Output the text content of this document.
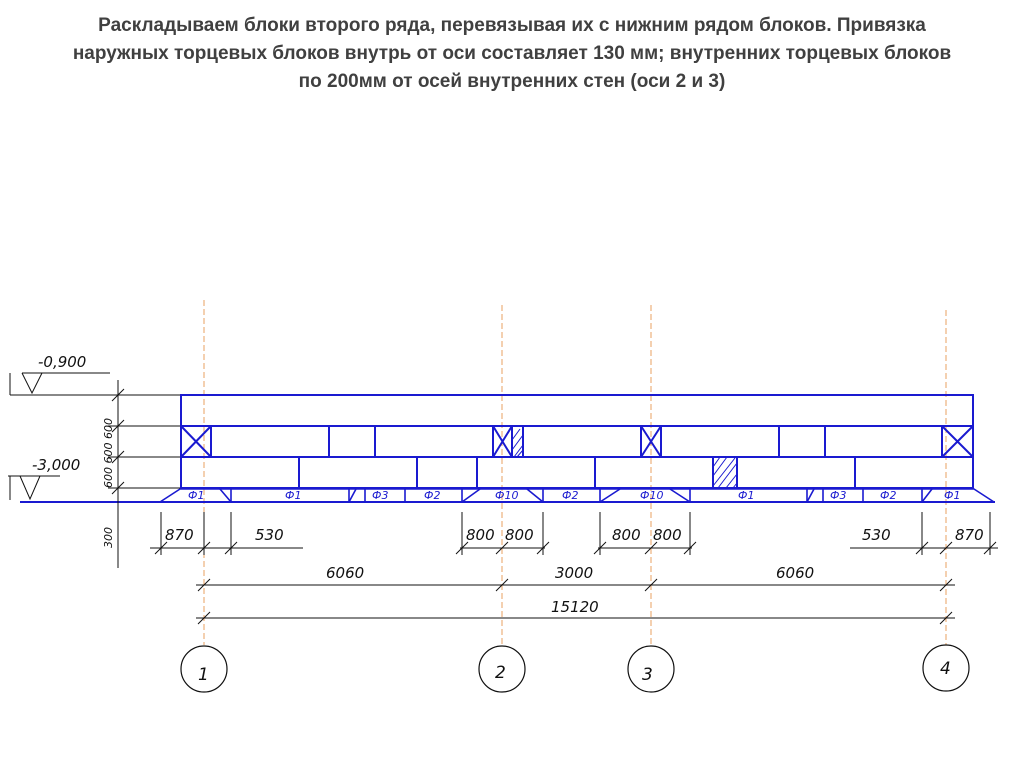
Раскладываем блоки второго ряда, перевязывая их с нижним рядом блоков. Привязка
наружных торцевых блоков внутрь от оси составляет 130 мм; внутренних торцевых блоков
по 200мм от осей внутренних стен (оси 2 и 3)
Ф1	Ф1	Ф3	Ф2	Ф10	Ф2	Ф10	Ф1	Ф3	Ф2	Ф1
-0,900
-3,000 600 600 600
300	870	530	800 800	800 800	530	870
6060	3000	6060
15120
1	2	3	4
